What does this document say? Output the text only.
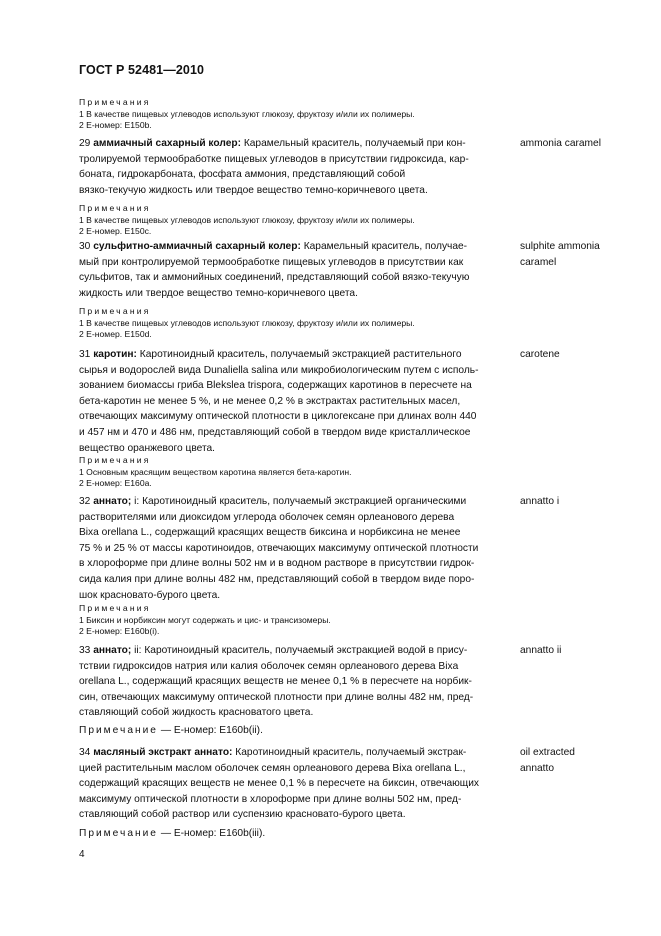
ГОСТ Р 52481—2010
Примечания
1 В качестве пищевых углеводов используют глюкозу, фруктозу и/или их полимеры.
2 Е-номер: Е150b.
29 аммиачный сахарный колер: Карамельный краситель, получаемый при кон-
тролируемой термообработке пищевых углеводов в присутствии гидроксида, кар-
боната, гидрокарбоната, фосфата аммония, представляющий собой
вязко-текучую жидкость или твердое вещество темно-коричневого цвета.
ammonia caramel
Примечания
1 В качестве пищевых углеводов используют глюкозу, фруктозу и/или их полимеры.
2 Е-номер. Е150с.
30 сульфитно-аммиачный сахарный колер: Карамельный краситель, получае-
мый при контролируемой термообработке пищевых углеводов в присутствии как
сульфитов, так и аммонийных соединений, представляющий собой вязко-текучую
жидкость или твердое вещество темно-коричневого цвета.
sulphite ammonia
caramel
Примечания
1 В качестве пищевых углеводов используют глюкозу, фруктозу и/или их полимеры.
2 Е-номер. Е150d.
31 каротин: Каротиноидный краситель, получаемый экстракцией растительного
сырья и водорослей вида Dunaliella salina или микробиологическим путем с исполь-
зованием биомассы гриба Blekslea trispora, содержащих каротинов в пересчете на
бета-каротин не менее 5 %, и не менее 0,2 % в экстрактах растительных масел,
отвечающих максимуму оптической плотности в циклогексане при длинах волн 440
и 457 нм и 470 и 486 нм, представляющий собой в твердом виде кристаллическое
вещество оранжевого цвета.
carotene
Примечания
1 Основным красящим веществом каротина является бета-каротин.
2 Е-номер: Е160а.
32 аннато; i: Каротиноидный краситель, получаемый экстракцией органическими
растворителями или диоксидом углерода оболочек семян орлеанового дерева
Bixa orellana L., содержащий красящих веществ биксина и норбиксина не менее
75 % и 25 % от массы каротиноидов, отвечающих максимуму оптической плотности
в хлороформе при длине волны 502 нм и в водном растворе в присутствии гидрок-
сида калия при длине волны 482 нм, представляющий собой в твердом виде поро-
шок красновато-бурого цвета.
annatto i
Примечания
1 Биксин и норбиксин могут содержать и цис- и трансизомеры.
2 Е-номер: Е160b(i).
33 аннато; ii: Каротиноидный краситель, получаемый экстракцией водой в прису-
тствии гидроксидов натрия или калия оболочек семян орлеанового дерева Bixa
orellana L., содержащий красящих веществ не менее 0,1 % в пересчете на норбик-
син, отвечающих максимуму оптической плотности при длине волны 482 нм, пред-
ставляющий собой жидкость красноватого цвета.
annatto ii
Примечание — Е-номер: Е160b(ii).
34 масляный экстракт аннато: Каротиноидный краситель, получаемый экстрак-
цией растительным маслом оболочек семян орлеанового дерева Bixa orellana L.,
содержащий красящих веществ не менее 0,1 % в пересчете на биксин, отвечающих
максимуму оптической плотности в хлороформе при длине волны 502 нм, пред-
ставляющий собой раствор или суспензию красновато-бурого цвета.
oil extracted
annatto
Примечание — Е-номер: Е160b(iii).
4
